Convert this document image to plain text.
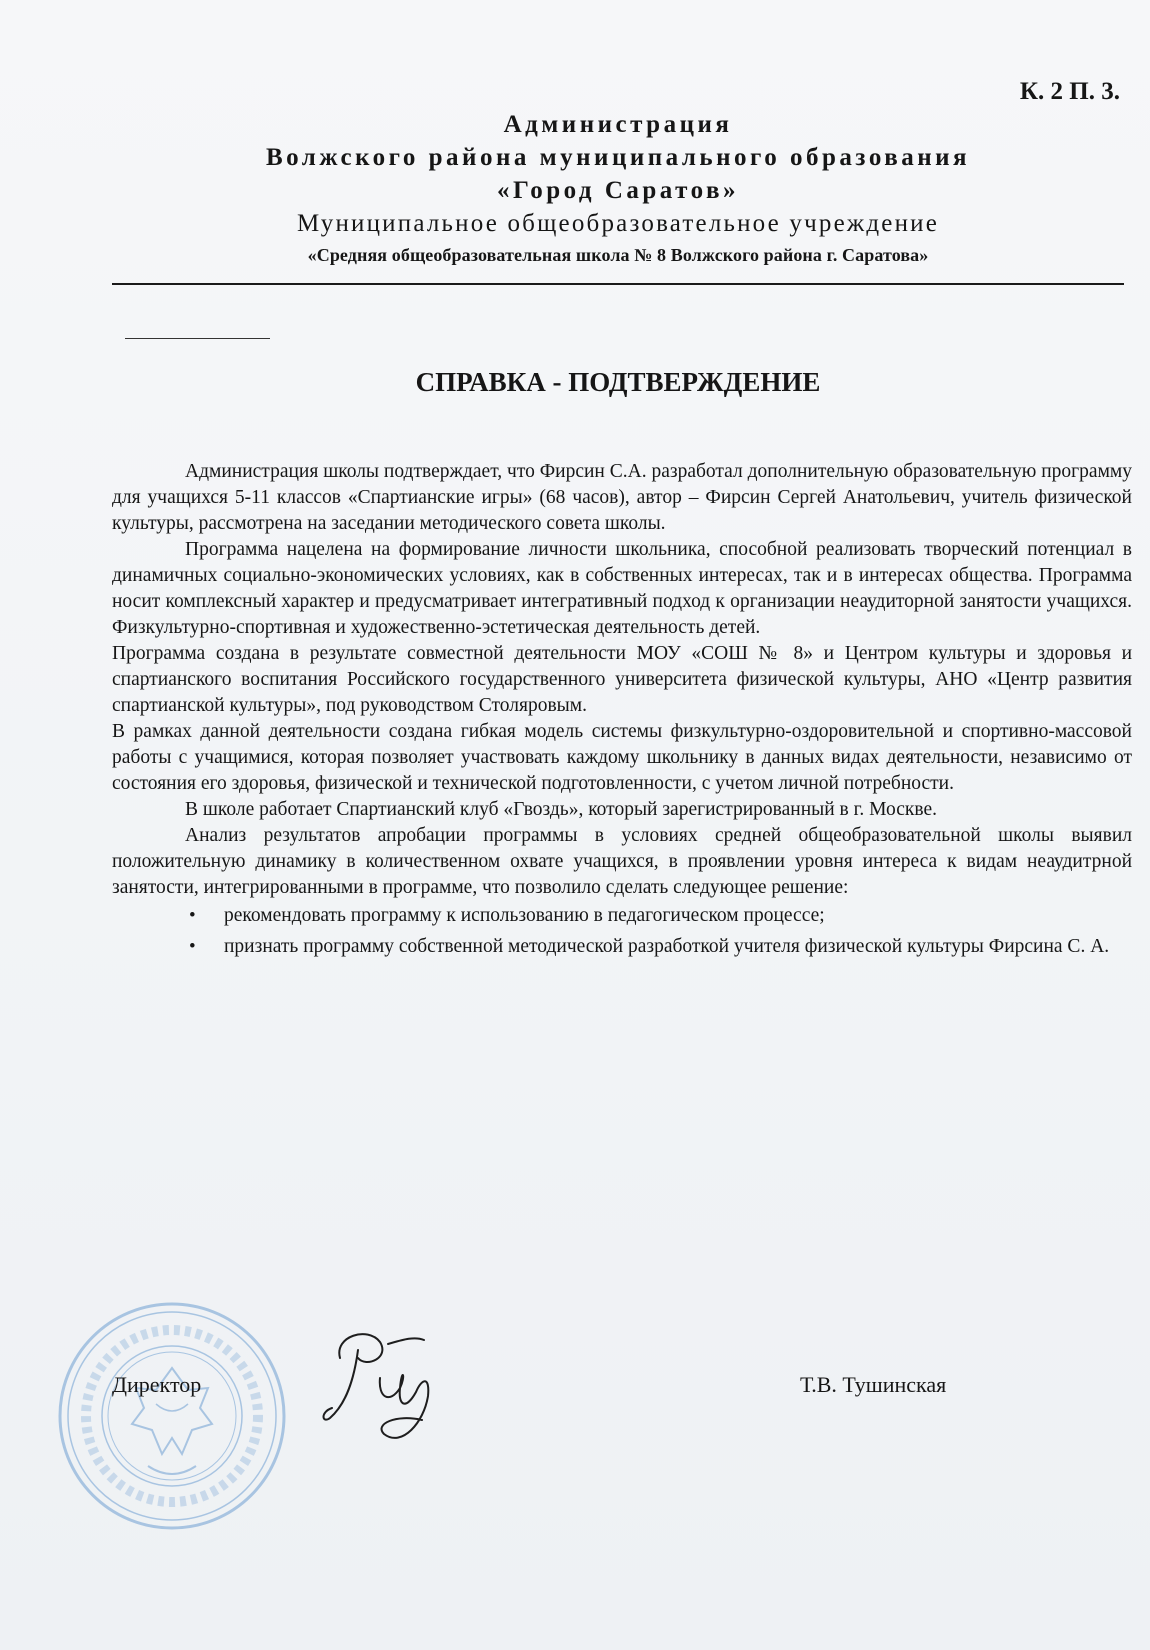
К. 2 П. 3.
Администрация
Волжского района муниципального образования
«Город Саратов»
Муниципальное общеобразовательное учреждение
«Средняя общеобразовательная школа № 8 Волжского района г. Саратова»
СПРАВКА - ПОДТВЕРЖДЕНИЕ

Администрация школы подтверждает, что Фирсин С.А. разработал дополнительную образовательную программу для учащихся 5-11 классов «Спартианские игры» (68 часов), автор – Фирсин Сергей Анатольевич, учитель физической культуры, рассмотрена на заседании методического совета школы.

Программа нацелена на формирование личности школьника, способной реализовать творческий потенциал в динамичных социально-экономических условиях, как в собственных интересах, так и в интересах общества. Программа носит комплексный характер и предусматривает интегративный подход к организации неаудиторной занятости учащихся. Физкультурно-спортивная и художественно-эстетическая деятельность детей.

Программа создана в результате совместной деятельности МОУ «СОШ № 8» и Центром культуры и здоровья и спартианского воспитания Российского государственного университета физической культуры, АНО «Центр развития спартианской культуры», под руководством Столяровым.

В рамках данной деятельности создана гибкая модель системы физкультурно-оздоровительной и спортивно-массовой работы с учащимися, которая позволяет участвовать каждому школьнику в данных видах деятельности, независимо от состояния его здоровья, физической и технической подготовленности, с учетом личной потребности.

В школе работает Спартианский клуб «Гвоздь», который зарегистрированный в г. Москве.

Анализ результатов апробации программы в условиях средней общеобразовательной школы выявил положительную динамику в количественном охвате учащихся, в проявлении уровня интереса к видам неаудитрной занятости, интегрированными в программе, что позволило сделать следующее решение:

• рекомендовать программу к использованию в педагогическом процессе;
• признать программу собственной методической разработкой учителя физической культуры Фирсина С. А.
Директор	Т.В. Тушинская
